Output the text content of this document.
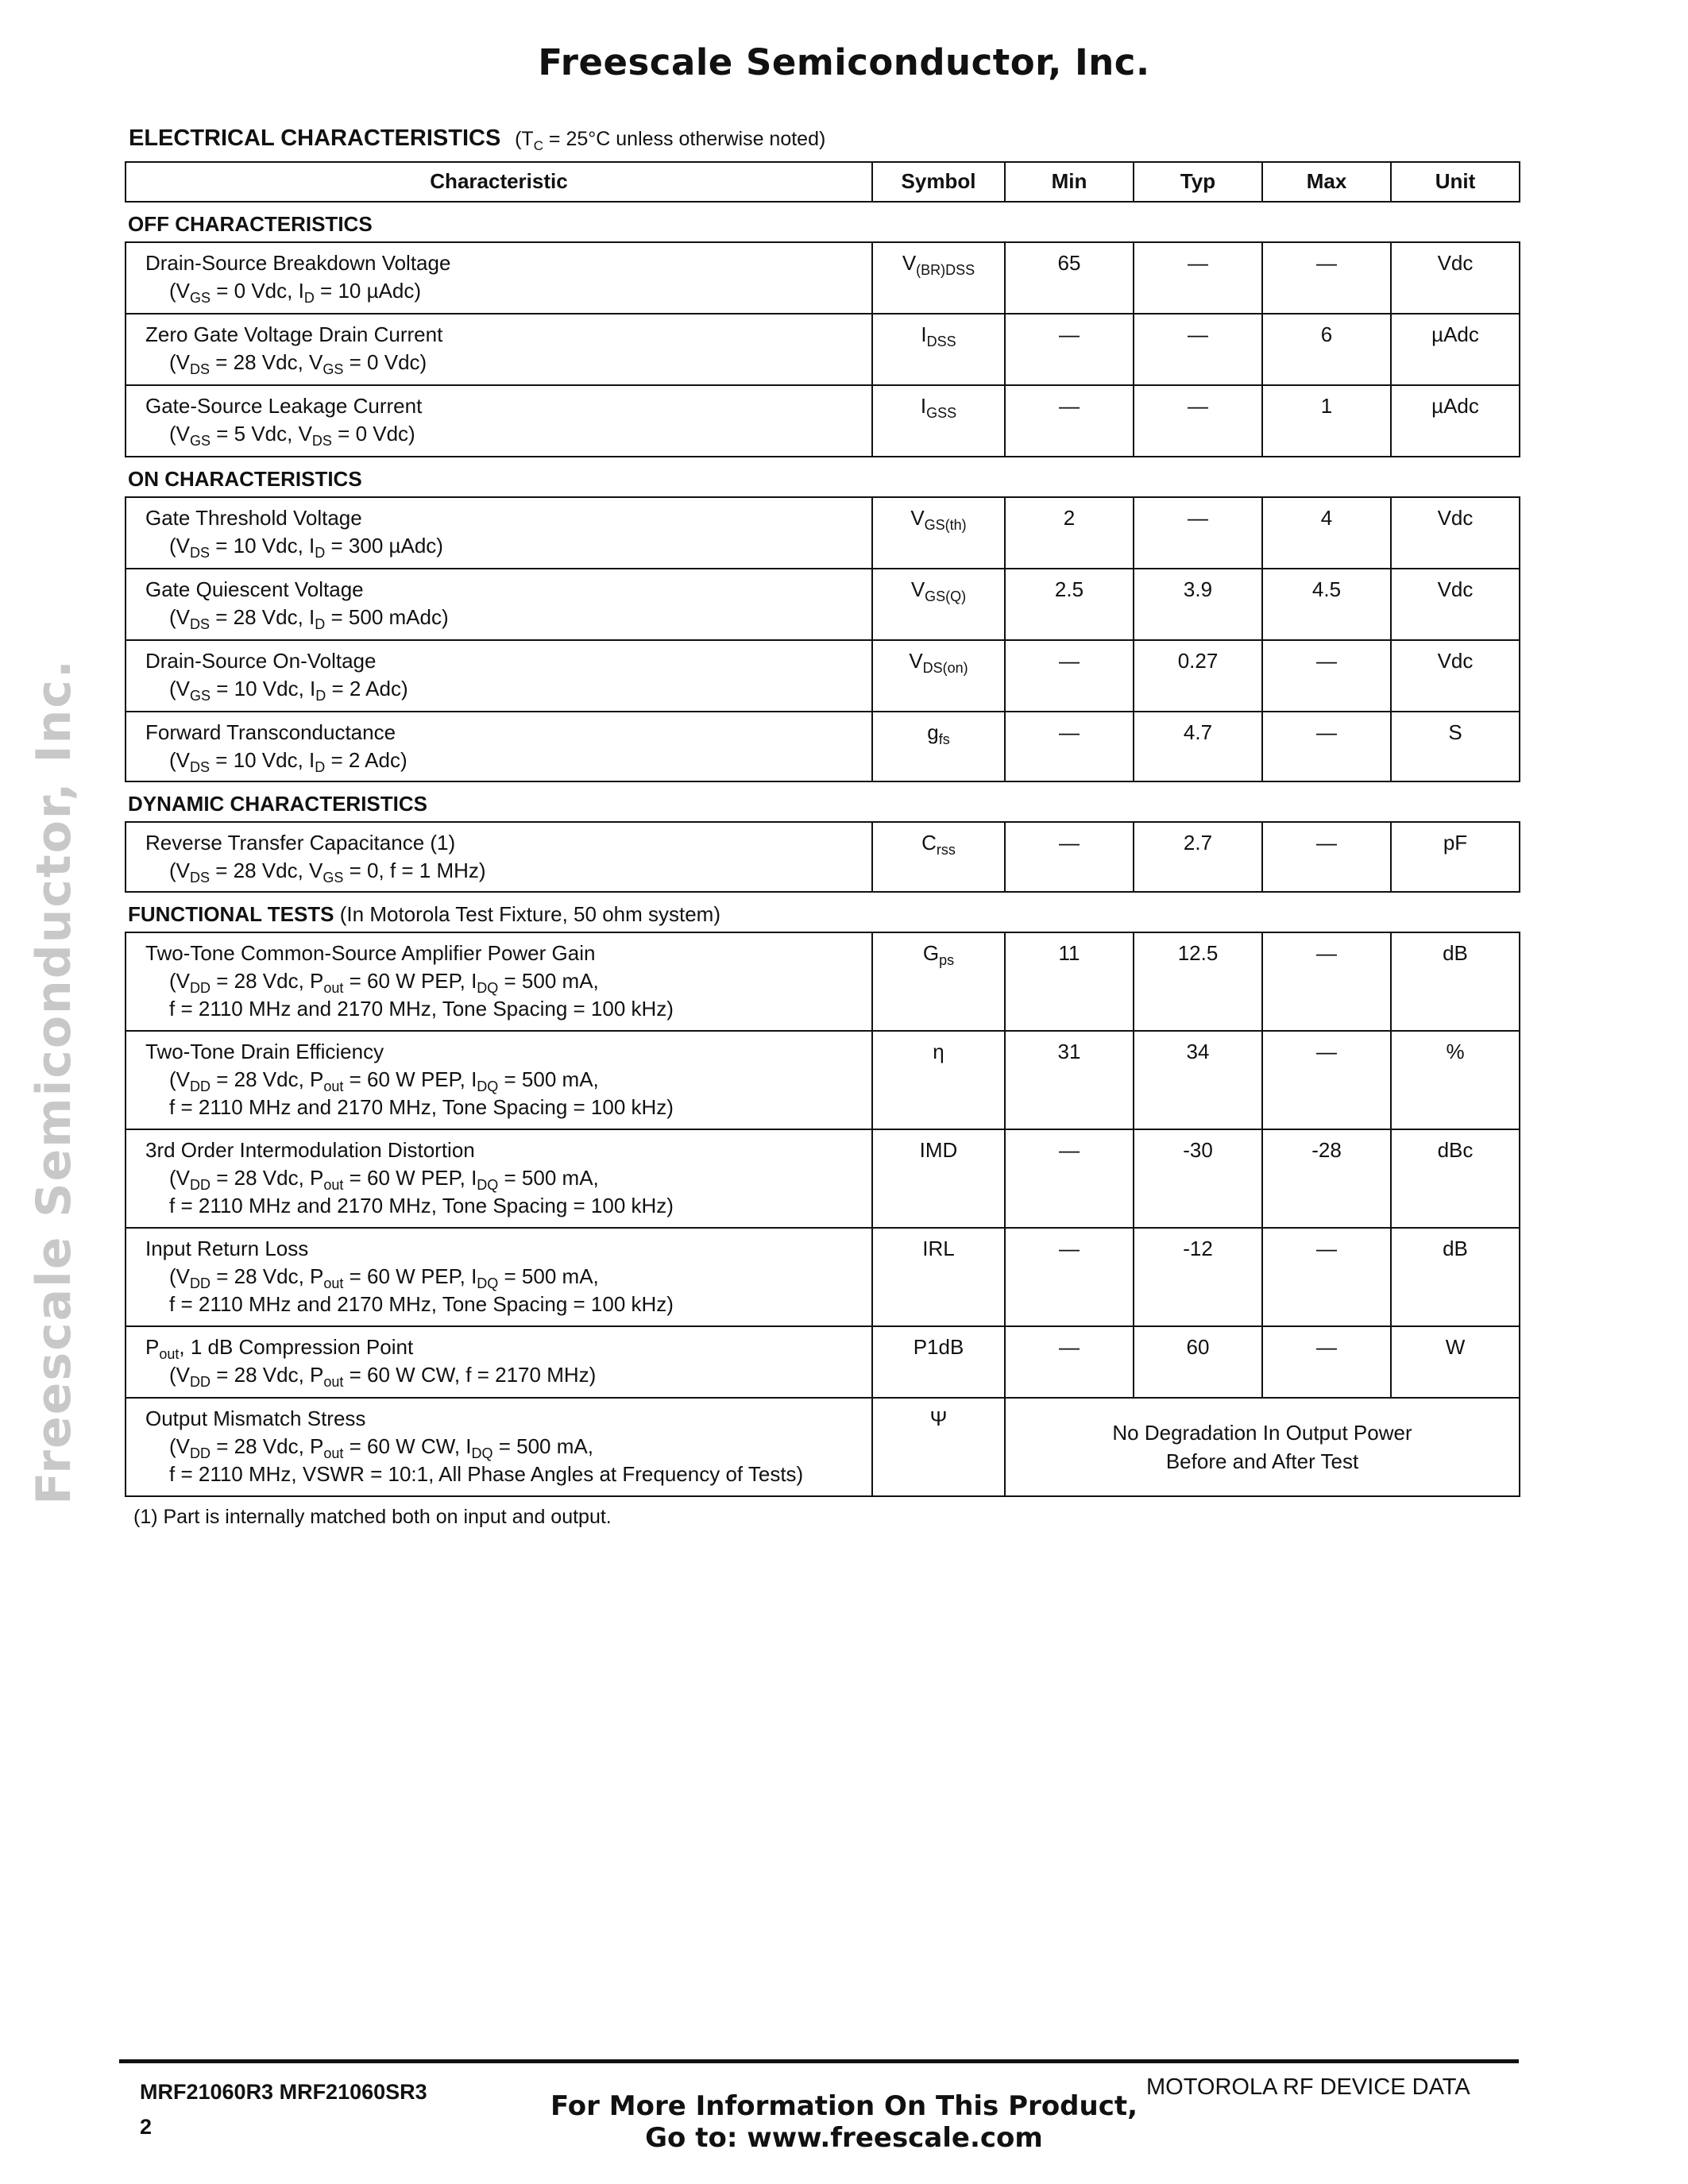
Freescale Semiconductor, Inc.
Freescale Semiconductor, Inc.
ELECTRICAL CHARACTERISTICS ($T_C = 25^\circ C$ unless otherwise noted)
Characteristic	Symbol	Min	Typ	Max	Unit
OFF CHARACTERISTICS
Drain-Source Breakdown Voltage
($V_{GS} = 0$ Vdc, $I_D = 10$ µAdc)
$V_{(BR)DSS}$	65	—	—	Vdc
Zero Gate Voltage Drain Current
($V_{DS} = 28$ Vdc, $V_{GS} = 0$ Vdc)
$I_{DSS}$	—	—	6	µAdc
Gate-Source Leakage Current
($V_{GS} = 5$ Vdc, $V_{DS} = 0$ Vdc)
$I_{GSS}$	—	—	1	µAdc
ON CHARACTERISTICS
Gate Threshold Voltage
($V_{DS} = 10$ Vdc, $I_D = 300$ µAdc)
$V_{GS(th)}$	2	—	4	Vdc
Gate Quiescent Voltage
($V_{DS} = 28$ Vdc, $I_D = 500$ mAdc)
$V_{GS(Q)}$	2.5	3.9	4.5	Vdc
Drain-Source On-Voltage
($V_{GS} = 10$ Vdc, $I_D = 2$ Adc)
$V_{DS(on)}$	—	0.27	—	Vdc
Forward Transconductance
($V_{DS} = 10$ Vdc, $I_D = 2$ Adc)
$g_{fs}$	—	4.7	—	S
DYNAMIC CHARACTERISTICS
Reverse Transfer Capacitance (1)
($V_{DS} = 28$ Vdc, $V_{GS} = 0$, f = 1 MHz)
$C_{rss}$	—	2.7	—	pF
FUNCTIONAL TESTS (In Motorola Test Fixture, 50 ohm system)
Two-Tone Common-Source Amplifier Power Gain
($V_{DD} = 28$ Vdc, $P_{out} = 60$ W PEP, $I_{DQ} = 500$ mA,
f = 2110 MHz and 2170 MHz, Tone Spacing = 100 kHz)
$G_{ps}$	11	12.5	—	dB
Two-Tone Drain Efficiency
($V_{DD} = 28$ Vdc, $P_{out} = 60$ W PEP, $I_{DQ} = 500$ mA,
f = 2110 MHz and 2170 MHz, Tone Spacing = 100 kHz)
η	31	34	—	%
3rd Order Intermodulation Distortion
($V_{DD} = 28$ Vdc, $P_{out} = 60$ W PEP, $I_{DQ} = 500$ mA,
f = 2110 MHz and 2170 MHz, Tone Spacing = 100 kHz)
IMD	—	-30	-28	dBc
Input Return Loss
($V_{DD} = 28$ Vdc, $P_{out} = 60$ W PEP, $I_{DQ} = 500$ mA,
f = 2110 MHz and 2170 MHz, Tone Spacing = 100 kHz)
IRL	—	-12	—	dB
$P_{out}$, 1 dB Compression Point
($V_{DD} = 28$ Vdc, $P_{out} = 60$ W CW, f = 2170 MHz)
P1dB	—	60	—	W
Output Mismatch Stress
($V_{DD} = 28$ Vdc, $P_{out} = 60$ W CW, $I_{DQ} = 500$ mA,
f = 2110 MHz, VSWR = 10:1, All Phase Angles at Frequency of Tests)
Ψ
No Degradation In Output Power
Before and After Test
(1) Part is internally matched both on input and output.
MRF21060R3 MRF21060SR3
2
MOTOROLA RF DEVICE DATA
For More Information On This Product,
Go to: www.freescale.com
